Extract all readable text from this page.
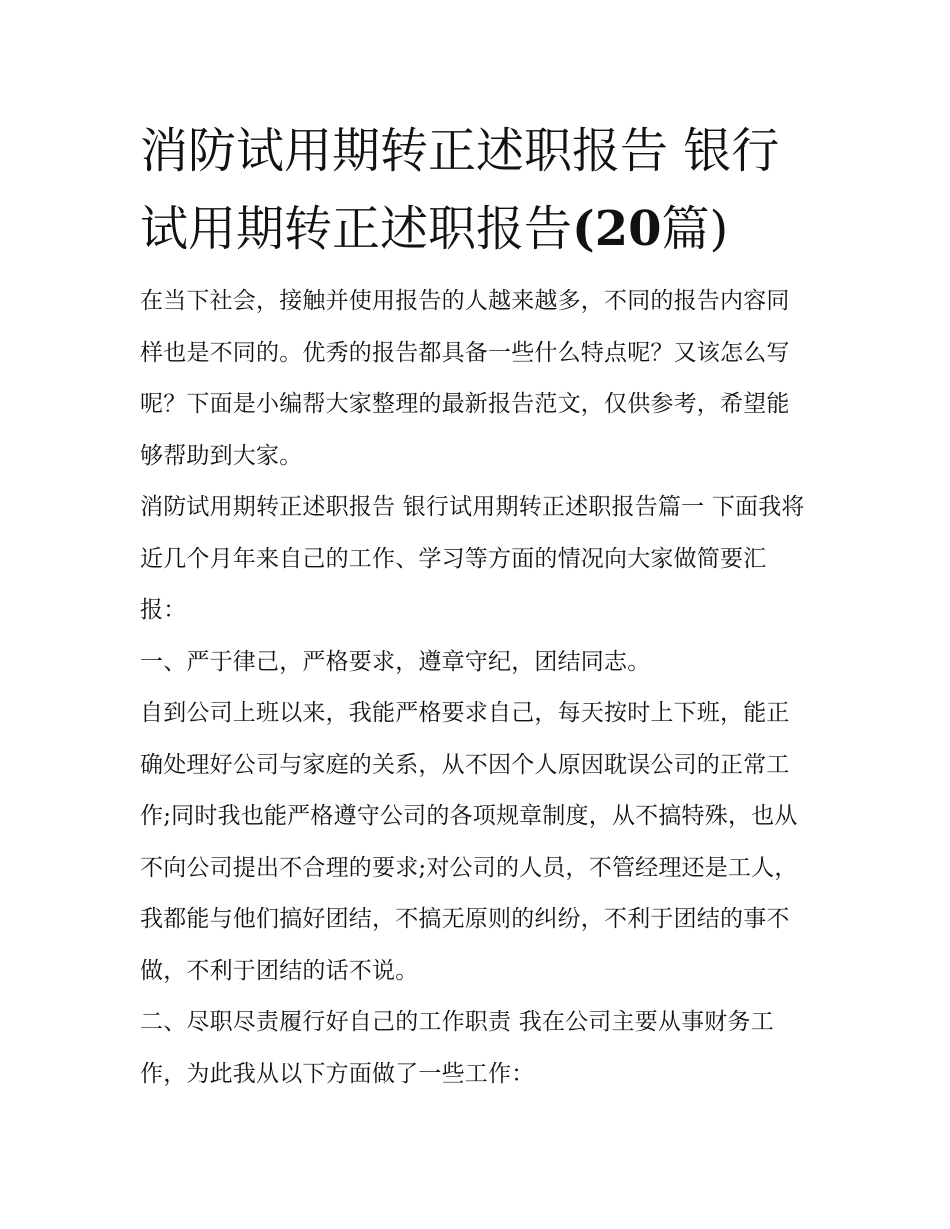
消防试用期转正述职报告 银行试用期转正述职报告(20篇)

在当下社会，接触并使用报告的人越来越多，不同的报告内容同样也是不同的。优秀的报告都具备一些什么特点呢？又该怎么写呢？下面是小编帮大家整理的最新报告范文，仅供参考，希望能够帮助到大家。

消防试用期转正述职报告 银行试用期转正述职报告篇一 下面我将近几个月年来自己的工作、学习等方面的情况向大家做简要汇报：

一、严于律己，严格要求，遵章守纪，团结同志。

自到公司上班以来，我能严格要求自己，每天按时上下班，能正确处理好公司与家庭的关系，从不因个人原因耽误公司的正常工作;同时我也能严格遵守公司的各项规章制度，从不搞特殊，也从不向公司提出不合理的要求;对公司的人员，不管经理还是工人，我都能与他们搞好团结，不搞无原则的纠纷，不利于团结的事不做，不利于团结的话不说。

二、尽职尽责履行好自己的工作职责 我在公司主要从事财务工作，为此我从以下方面做了一些工作：
